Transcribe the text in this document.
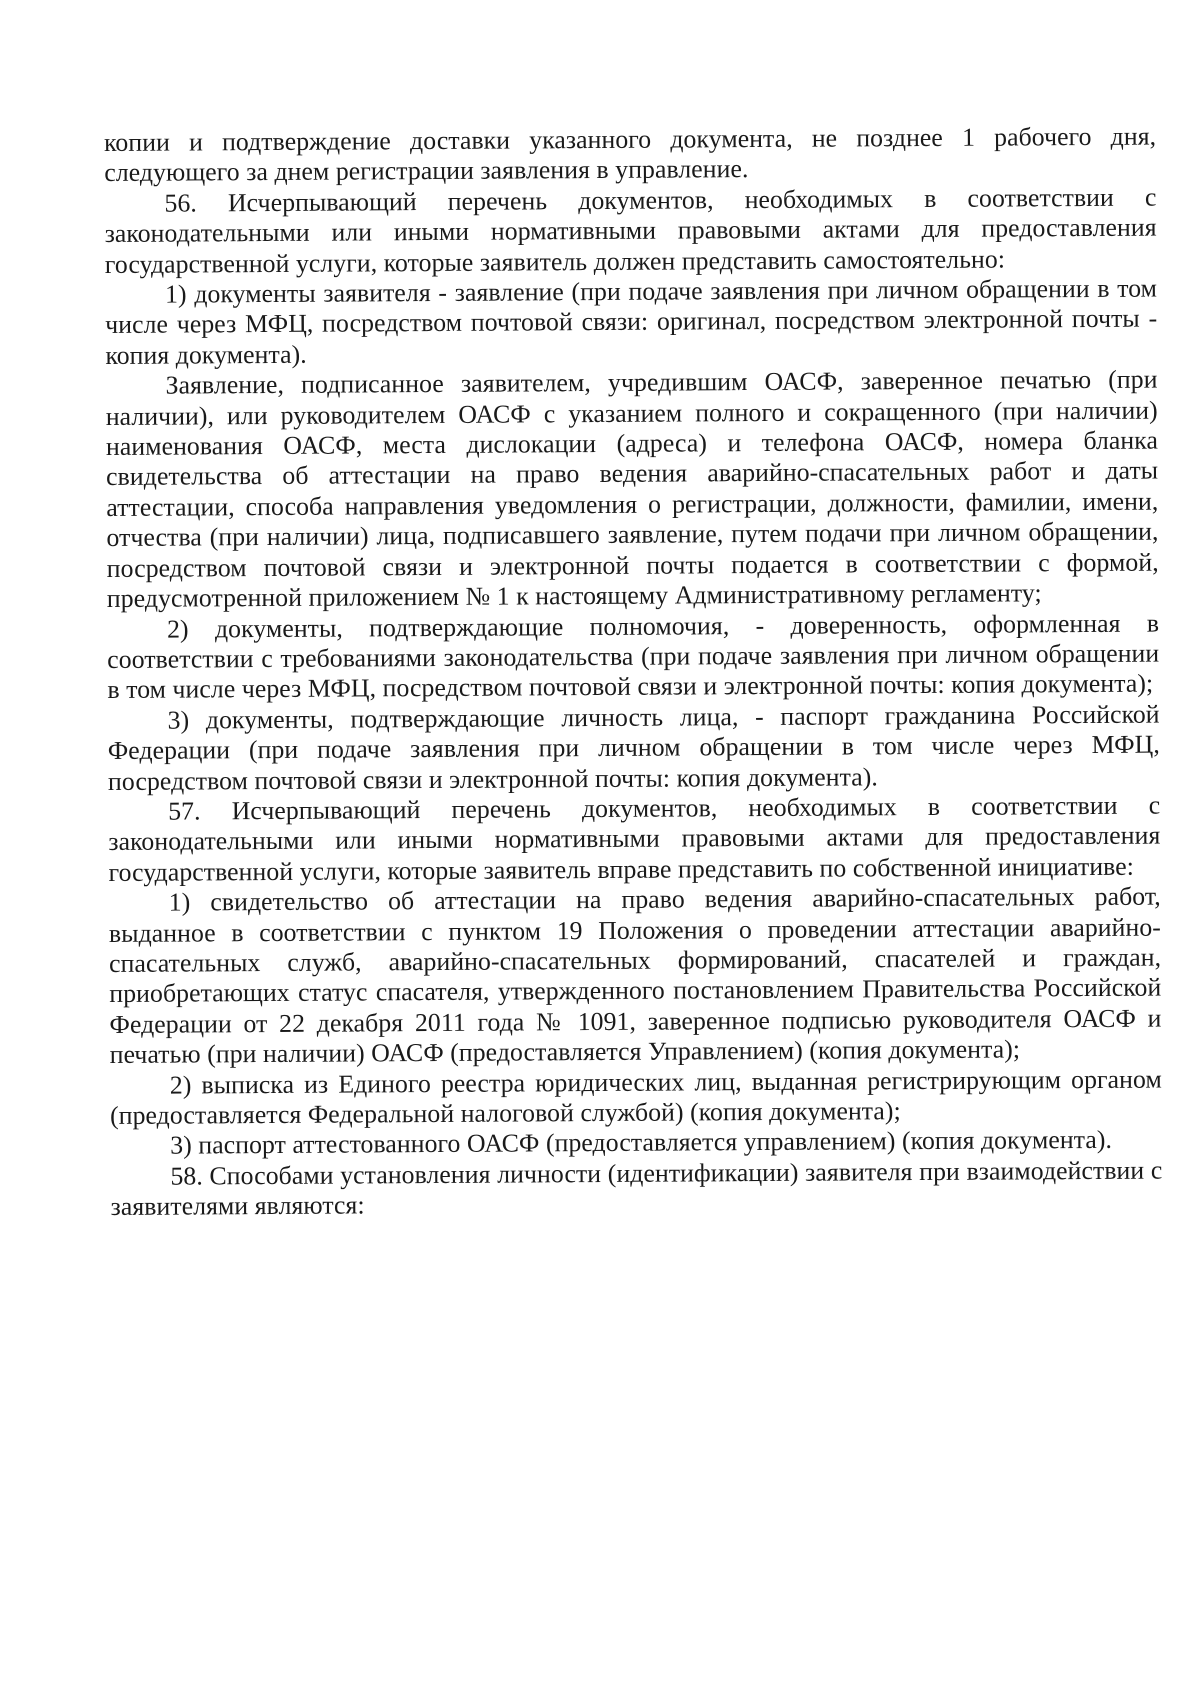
копии и подтверждение доставки указанного документа, не позднее 1 рабочего дня, следующего за днем регистрации заявления в управление.

56. Исчерпывающий перечень документов, необходимых в соответствии с законодательными или иными нормативными правовыми актами для предоставления государственной услуги, которые заявитель должен представить самостоятельно:

1) документы заявителя - заявление (при подаче заявления при личном обращении в том числе через МФЦ, посредством почтовой связи: оригинал, посредством электронной почты - копия документа).

Заявление, подписанное заявителем, учредившим ОАСФ, заверенное печатью (при наличии), или руководителем ОАСФ с указанием полного и сокращенного (при наличии) наименования ОАСФ, места дислокации (адреса) и телефона ОАСФ, номера бланка свидетельства об аттестации на право ведения аварийно-спасательных работ и даты аттестации, способа направления уведомления о регистрации, должности, фамилии, имени, отчества (при наличии) лица, подписавшего заявление, путем подачи при личном обращении, посредством почтовой связи и электронной почты подается в соответствии с формой, предусмотренной приложением № 1 к настоящему Административному регламенту;

2) документы, подтверждающие полномочия, - доверенность, оформленная в соответствии с требованиями законодательства (при подаче заявления при личном обращении в том числе через МФЦ, посредством почтовой связи и электронной почты: копия документа);

3) документы, подтверждающие личность лица, - паспорт гражданина Российской Федерации (при подаче заявления при личном обращении в том числе через МФЦ, посредством почтовой связи и электронной почты: копия документа).

57. Исчерпывающий перечень документов, необходимых в соответствии с законодательными или иными нормативными правовыми актами для предоставления государственной услуги, которые заявитель вправе представить по собственной инициативе:

1) свидетельство об аттестации на право ведения аварийно-спасательных работ, выданное в соответствии с пунктом 19 Положения о проведении аттестации аварийно-спасательных служб, аварийно-спасательных формирований, спасателей и граждан, приобретающих статус спасателя, утвержденного постановлением Правительства Российской Федерации от 22 декабря 2011 года № 1091, заверенное подписью руководителя ОАСФ и печатью (при наличии) ОАСФ (предоставляется Управлением) (копия документа);

2) выписка из Единого реестра юридических лиц, выданная регистрирующим органом (предоставляется Федеральной налоговой службой) (копия документа);

3) паспорт аттестованного ОАСФ (предоставляется управлением) (копия документа).

58. Способами установления личности (идентификации) заявителя при взаимодействии с заявителями являются:
